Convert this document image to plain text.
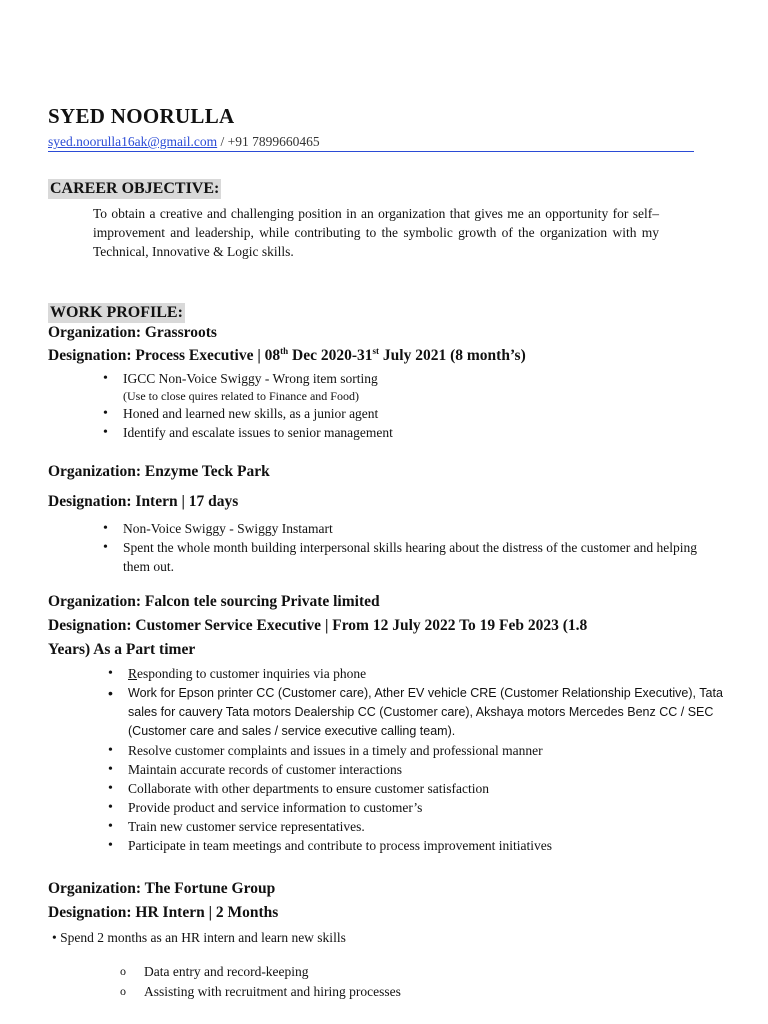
SYED NOORULLA
syed.noorulla16ak@gmail.com / +91 7899660465
CAREER OBJECTIVE:
To obtain a creative and challenging position in an organization that gives me an opportunity for self–improvement and leadership, while contributing to the symbolic growth of the organization with my Technical, Innovative & Logic skills.
WORK PROFILE:
Organization: Grassroots
Designation: Process Executive | 08th Dec 2020-31st July 2021 (8 month’s)
• IGCC Non-Voice Swiggy - Wrong item sorting
(Use to close quires related to Finance and Food)
• Honed and learned new skills, as a junior agent
• Identify and escalate issues to senior management
Organization: Enzyme Teck Park
Designation: Intern | 17 days
• Non-Voice Swiggy - Swiggy Instamart
• Spent the whole month building interpersonal skills hearing about the distress of the customer and helping them out.
Organization: Falcon tele sourcing Private limited
Designation: Customer Service Executive | From 12 July 2022 To 19 Feb 2023 (1.8
Years) As a Part timer
• Responding to customer inquiries via phone
• Work for Epson printer CC (Customer care), Ather EV vehicle CRE (Customer Relationship Executive), Tata sales for cauvery Tata motors Dealership CC (Customer care), Akshaya motors Mercedes Benz CC / SEC (Customer care and sales / service executive calling team).
• Resolve customer complaints and issues in a timely and professional manner
• Maintain accurate records of customer interactions
• Collaborate with other departments to ensure customer satisfaction
• Provide product and service information to customer’s
• Train new customer service representatives.
• Participate in team meetings and contribute to process improvement initiatives
Organization: The Fortune Group
Designation: HR Intern | 2 Months
• Spend 2 months as an HR intern and learn new skills
o Data entry and record-keeping
o Assisting with recruitment and hiring processes
